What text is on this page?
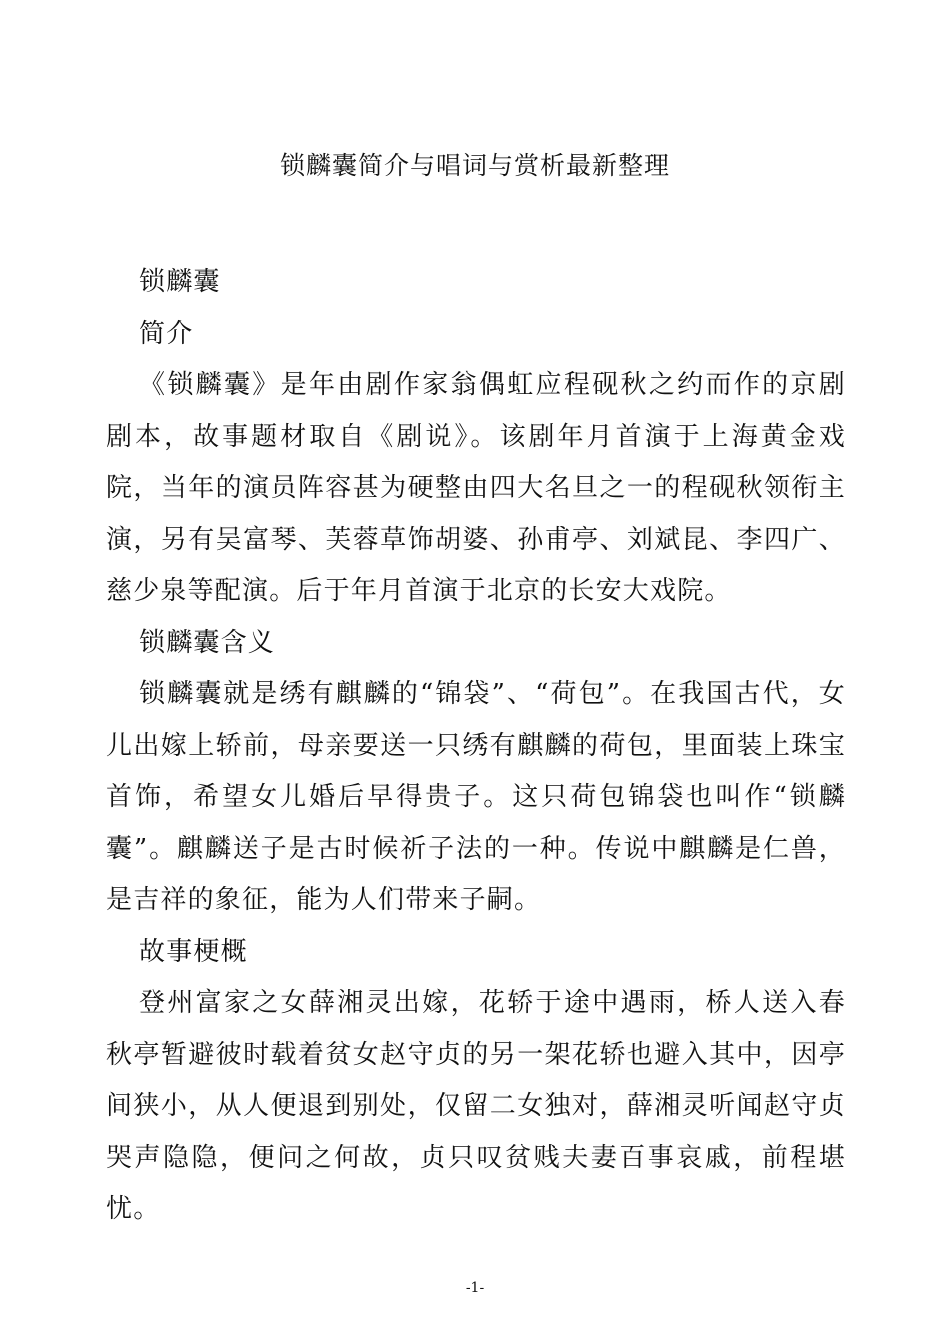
锁麟囊简介与唱词与赏析最新整理

锁麟囊

简介

《锁麟囊》是年由剧作家翁偶虹应程砚秋之约而作的京剧剧本，故事题材取自《剧说》。该剧年月首演于上海黄金戏院，当年的演员阵容甚为硬整由四大名旦之一的程砚秋领衔主演，另有吴富琴、芙蓉草饰胡婆、孙甫亭、刘斌昆、李四广、慈少泉等配演。后于年月首演于北京的长安大戏院。

锁麟囊含义

锁麟囊就是绣有麒麟的“锦袋”、“荷包”。在我国古代，女儿出嫁上轿前，母亲要送一只绣有麒麟的荷包，里面装上珠宝首饰，希望女儿婚后早得贵子。这只荷包锦袋也叫作“锁麟囊”。麒麟送子是古时候祈子法的一种。传说中麒麟是仁兽，是吉祥的象征，能为人们带来子嗣。

故事梗概

登州富家之女薛湘灵出嫁，花轿于途中遇雨，桥人送入春秋亭暂避彼时载着贫女赵守贞的另一架花轿也避入其中，因亭间狭小，从人便退到别处，仅留二女独对，薛湘灵听闻赵守贞哭声隐隐，便问之何故，贞只叹贫贱夫妻百事哀戚，前程堪忧。

-1-
